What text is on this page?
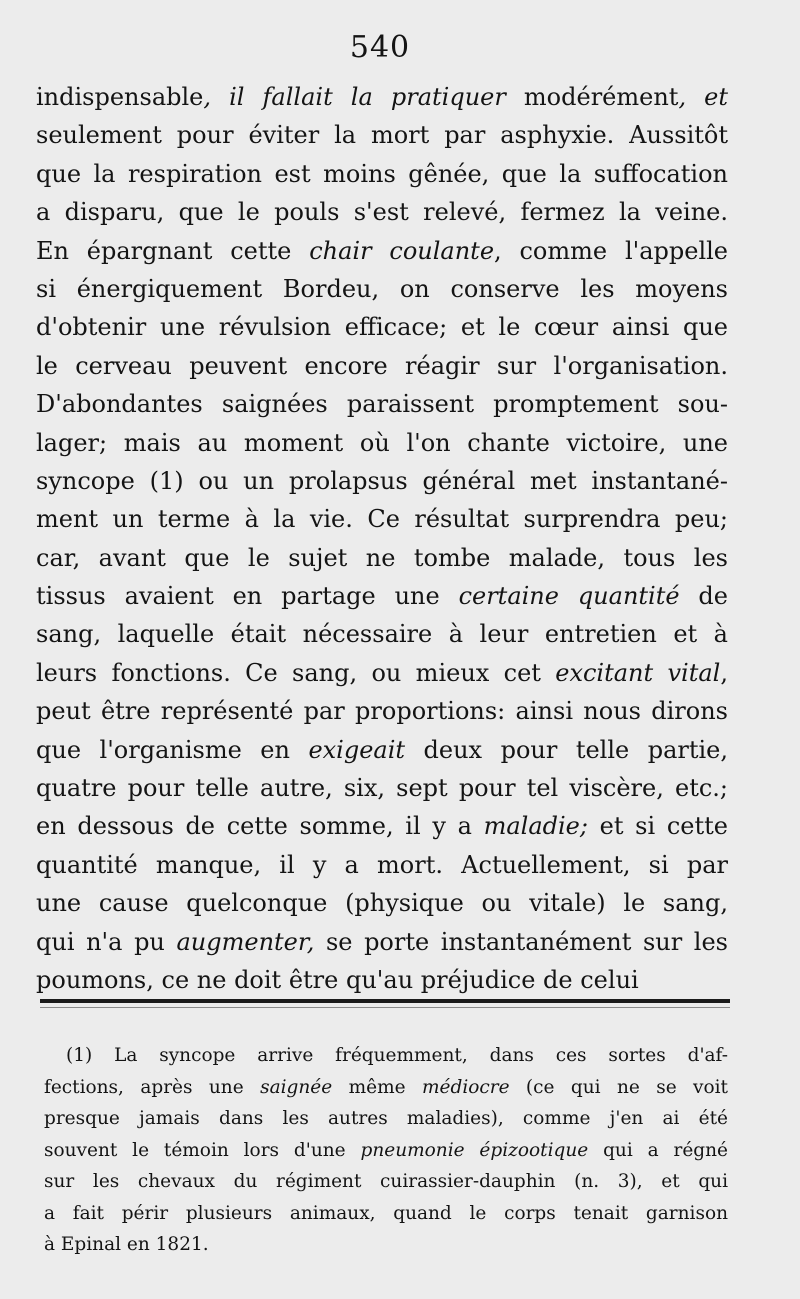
540
indispensable, il fallait la pratiquer modérément, et
seulement pour éviter la mort par asphyxie. Aussitôt
que la respiration est moins gênée, que la suffocation
a disparu, que le pouls s'est relevé, fermez la veine.
En épargnant cette chair coulante, comme l'appelle
si énergiquement Bordeu, on conserve les moyens
d'obtenir une révulsion efficace; et le cœur ainsi que
le cerveau peuvent encore réagir sur l'organisation.
D'abondantes saignées paraissent promptement sou-
lager; mais au moment où l'on chante victoire, une
syncope (1) ou un prolapsus général met instantané-
ment un terme à la vie. Ce résultat surprendra peu;
car, avant que le sujet ne tombe malade, tous les
tissus avaient en partage une certaine quantité de
sang, laquelle était nécessaire à leur entretien et à
leurs fonctions. Ce sang, ou mieux cet excitant vital,
peut être représenté par proportions: ainsi nous dirons
que l'organisme en exigeait deux pour telle partie,
quatre pour telle autre, six, sept pour tel viscère, etc.;
en dessous de cette somme, il y a maladie; et si cette
quantité manque, il y a mort. Actuellement, si par
une cause quelconque (physique ou vitale) le sang,
qui n'a pu augmenter, se porte instantanément sur les
poumons, ce ne doit être qu'au préjudice de celui
(1) La syncope arrive fréquemment, dans ces sortes d'af-
fections, après une saignée même médiocre (ce qui ne se voit
presque jamais dans les autres maladies), comme j'en ai été
souvent le témoin lors d'une pneumonie épizootique qui a régné
sur les chevaux du régiment cuirassier-dauphin (n. 3), et qui
a fait périr plusieurs animaux, quand le corps tenait garnison
à Epinal en 1821.
